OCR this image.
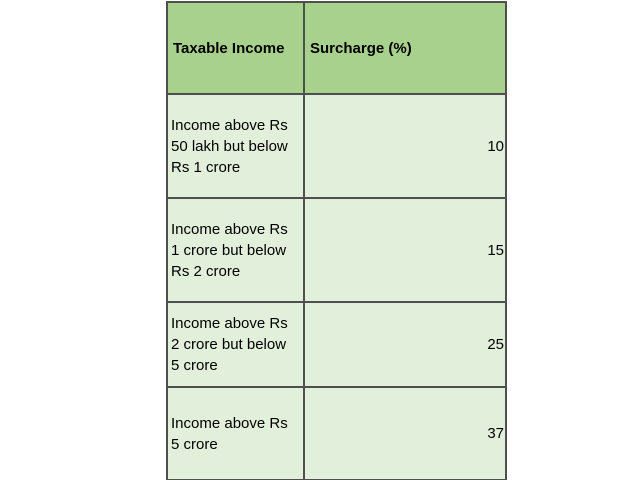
Taxable Income	Surcharge (%)
Income above Rs
50 lakh but below
Rs 1 crore	10
Income above Rs
1 crore but below
Rs 2 crore	15
Income above Rs
2 crore but below
5 crore	25
Income above Rs
5 crore	37
